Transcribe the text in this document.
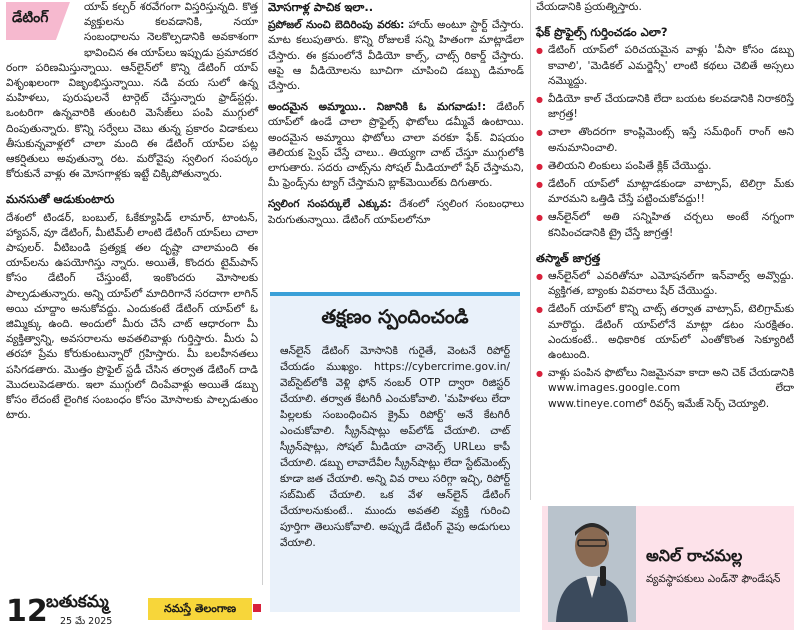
డేటింగ్

యాప్ కల్చర్ శరవేగంగా విస్తరిస్తున్నది. కొత్త వ్యక్తులను కలవడానికి, నయా సంబంధాలను నెలకొల్పడానికి అవకాశంగా భావించిన ఈ యాప్‌లు ఇప్పుడు ప్రమాదకర రంగా పరిణమిస్తున్నాయి. ఆన్‌లైన్‌లో కొన్ని డేటింగ్ యాప్ విశృంఖలంగా విజృంభిస్తున్నాయి. నడి వయ సులో ఉన్న మహిళలు, పురుషులనే టార్గెట్ చేస్తున్నారు ఫ్రాడ్‌స్టర్లు. ఒంటరిగా ఉన్నవారికి తుంటరి మెసేజ్‌లు పంపి ముగ్గులో దింపుతున్నారు. కొన్ని సర్వేలు చెబు తున్న ప్రకారం విడాకులు తీసుకున్నవాళ్లలో చాలా మంది ఈ డేటింగ్ యాప్‌ల పట్ల ఆకర్షితులు అవుతున్నా రట. మరోవైపు స్వలింగ సంపర్కం కోరుకునే వాళ్లు ఈ మోసగాళ్లకు ఇట్టే చిక్కిపోతున్నారు.

మనసుతో ఆడుకుంటారు

దేశంలో టిండర్, బంబుల్, ఓకేక్యూపిడ్ లామార్, టాంటన్, హ్యాపన్, వూ డేటింగ్, మీటిమ్‌లీ లాంటి డేటింగ్ యాప్‌లు చాలా పాపులర్. వీటిబండి ప్రత్యక్ష తల దృష్టా చాలామంది ఈ యాప్‌లను ఉపయోగిస్తు న్నారు. అయితే, కొందరు టైమ్‌పాస్ కోసం డేటింగ్ చేస్తుంటే, ఇంకొందరు మోసాలకు పాల్పడుతున్నారు. అన్ని యాప్‌లో మాదిరిగానే సరదాగా లాగిన్ అయి చూద్దాం అనుకోవద్దు. ఎందుకంటే డేటింగ్ యాప్‌లో ఓ జిమ్మిక్కు ఉంది. అందులో మీరు చేసే చాట్ ఆధారంగా మీ వ్యక్తిత్వాన్ని, అవసరాలను అవతలివాళ్లు గుర్తిస్తారు. మీరు ఏ తరహా ప్రేమ కోరుకుంటున్నారో గ్రహిస్తారు. మీ బలహీనతలు పసిగడతారు. మొత్తం ప్రొఫైల్ స్టడీ చేసిన తర్వాత డేటింగ్ దాడి మొదలుపెడతారు. ఇలా ముగ్గులో దింపేవాళ్లు అయితే డబ్బు కోసం లేదంటే లైంగిక సంబంధం కోసం మోసాలకు పాల్పడుతుం టారు.

మోసగాళ్ల పాచిక ఇలా..

ప్రపోజల్ నుంచి బెదిరింపు వరకు: హాయ్ అంటూ స్టార్ట్ చేస్తారు. మాట కలుపుతారు. కొన్ని రోజులకే సన్ని హితంగా మాట్లాడేలా చేస్తారు. ఈ క్రమంలోనే వీడియో కాల్స్, చాట్స్ రికార్డ్ చేస్తారు. ఆపై ఆ వీడియోలను బూచిగా చూపించి డబ్బు డిమాండ్ చేస్తారు.

అందమైన అమ్మాయి.. నిజానికి ఓ మగవాడు!: డేటింగ్ యాప్‌లో ఉండే చాలా ప్రొఫైల్స్ ఫొటోలు డమ్మీవే ఉంటాయి. అందమైన అమ్మాయి ఫొటోలు చాలా వరకూ ఫేక్. విషయం తెలియక స్వైప్ చేస్తే చాలు.. తియ్యగా చాట్ చేస్తూ ముగ్గులోకి లాగుతారు. సదరు చాట్స్‌ను సోషల్ మీడియాలో షేర్ చేస్తామని, మీ ఫ్రెండ్స్‌ను ట్యాగ్ చేస్తామని బ్లాక్‌మెయిల్‌కు దిగుతారు.

స్వలింగ సంపర్కులే ఎక్కువ: దేశంలో స్వలింగ సంబంధాలు పెరుగుతున్నాయి. డేటింగ్ యాప్‌లలోనూ

తక్షణం స్పందించండి
ఆన్‌లైన్ డేటింగ్ మోసానికి గురైతే, వెంటనే రిపోర్ట్ చేయడం ముఖ్యం. https://cybercrime.gov.in/ వెబ్‌సైట్‌లోకి వెళ్లి ఫోన్ నంబర్ OTP ద్వారా రిజిస్టర్ చేయాలి. తర్వాత కేటగిరీ ఎంచుకోవాలి. 'మహిళలు లేదా పిల్లలకు సంబంధించిన క్రైమ్ రిపోర్ట్' అనే కేటగిరీ ఎంచుకోవాలి. స్క్రీన్‌షాట్లు అప్‌లోడ్ చేయాలి. చాట్ స్క్రీన్‌షాట్లు, సోషల్ మీడియా చానెల్స్ URLలు కాపీ చేయాలి. డబ్బు లావాదేవీల స్క్రీన్‌షాట్లు లేదా స్టేట్‌మెంట్స్ కూడా జత చేయాలి. అన్ని వివ రాలు సరిగ్గా ఇచ్చి, రిపోర్ట్ సబ్‌మిట్ చేయాలి. ఒక వేళ ఆన్‌లైన్ డేటింగ్ చేయాలనుకుంటే.. ముందు అవతలి వ్యక్తి గురించి పూర్తిగా తెలుసుకోవాలి. అప్పుడే డేటింగ్ వైపు అడుగులు వేయాలి.

చేయడానికి ప్రయత్నిస్తారు.

ఫేక్ ప్రొఫైల్స్ గుర్తించడం ఎలా?
● డేటింగ్ యాప్‌లో పరిచయమైన వాళ్లు 'వీసా కోసం డబ్బు కావాలి', 'మెడికల్ ఎమర్జెన్సీ' లాంటి కథలు చెబితే అస్సలు నమ్మొద్దు.
● వీడియో కాల్ చేయడానికి లేదా బయట కలవడానికి నిరాకరిస్తే జాగ్రత్త!
● చాలా తొందరగా కాంప్లిమెంట్స్ ఇస్తే సమ్‌థింగ్ రాంగ్ అని అనుమానించాలి.
● తెలియని లింకులు పంపితే క్లిక్ చేయొద్దు.
● డేటింగ్ యాప్‌లో మాట్లాడకుండా వాట్సాప్, టెలిగ్రా మ్‌కు మారమని ఒత్తిడి చేస్తే పట్టించుకోవద్దు!!
● ఆన్‌లైన్‌లో అతి సన్నిహిత చర్చలు అంటే నగ్నంగా కనిపించడానికి ట్రై చేస్తే జాగ్రత్త!
తస్మాత్ జాగ్రత్త
● ఆన్‌లైన్‌లో ఎవరితోనూ ఎమోషనల్‌గా ఇన్‌వాల్వ్ అవ్వొద్దు. వ్యక్తిగత, బ్యాంకు వివరాలు షేర్ చేయొద్దు.
● డేటింగ్ యాప్‌లో కొన్ని చాట్స్ తర్వాత వాట్సాప్, టెలిగ్రామ్‌కు మారొద్దు. డేటింగ్ యాప్‌లోనే మాట్లా డటం సురక్షితం. ఎందుకంటే.. అధికారిక యాప్‌లో ఎంతోకొంత సెక్యూరిటీ ఉంటుంది.
● వాళ్లు పంపిన ఫొటోలు నిజమైనవా కాదా అని చెక్ చేయడానికి www.images.google.com లేదా www.tineye.comలో రివర్స్ ఇమేజ్ సెర్చ్ చెయ్యాలి.
అనిల్ రాచమల్ల
వ్యవస్థాపకులు ఎండ్‌నౌ ఫౌండేషన్
12
బతుకమ్మ
25 మే 2025
నమస్తే తెలంగాణ
